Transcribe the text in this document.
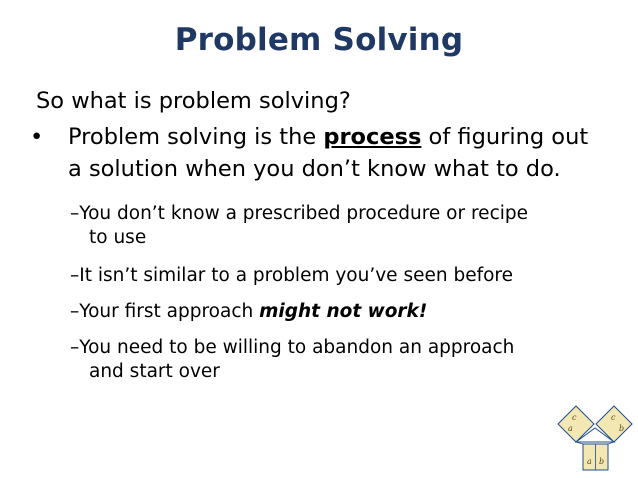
Problem Solving
So what is problem solving?
• Problem solving is the process of figuring out
a solution when you don’t know what to do.
–You don’t know a prescribed procedure or recipe
to use
–It isn’t similar to a problem you’ve seen before
–Your first approach might not work!
–You need to be willing to abandon an approach
and start over
c
a
c
b
a b
